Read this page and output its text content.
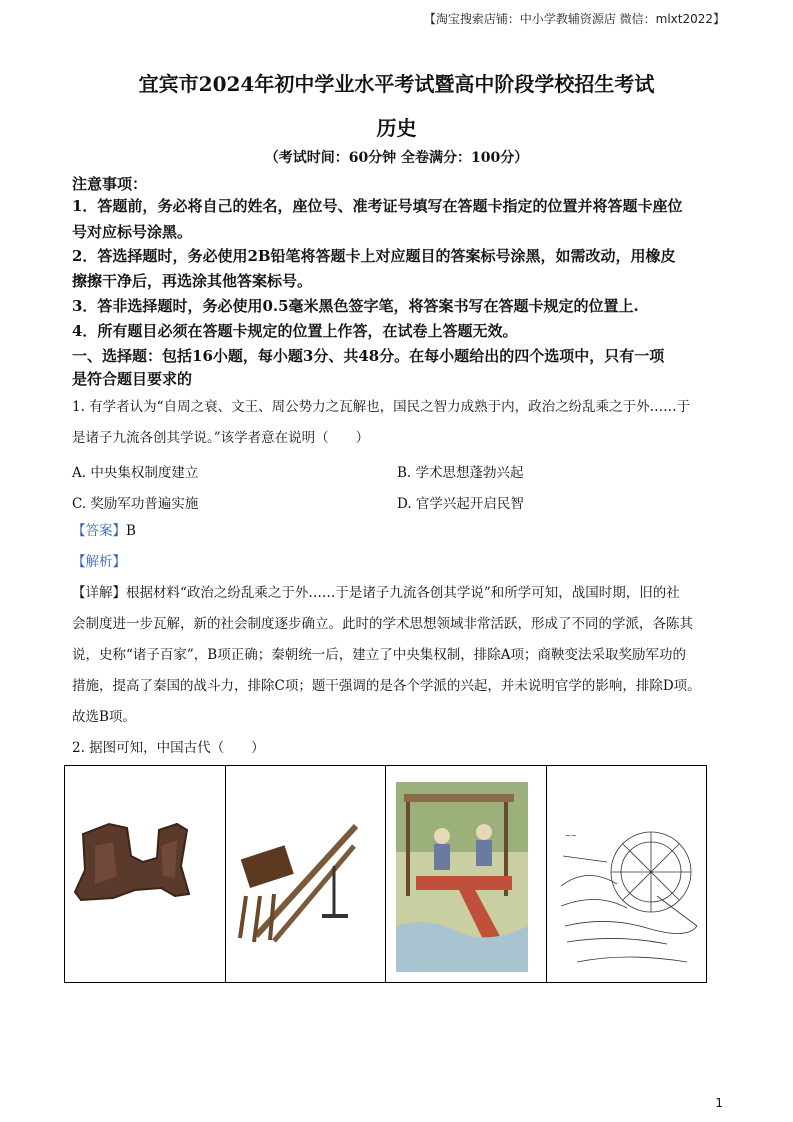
【淘宝搜索店铺：中小学教辅资源店 微信：mlxt2022】
宜宾市2024年初中学业水平考试暨高中阶段学校招生考试
历史
（考试时间：60分钟 全卷满分：100分）
注意事项：
1．答题前，务必将自己的姓名，座位号、准考证号填写在答题卡指定的位置并将答题卡座位
号对应标号涂黑。
2．答选择题时，务必使用2B铅笔将答题卡上对应题目的答案标号涂黑，如需改动，用橡皮
擦擦干净后，再选涂其他答案标号。
3．答非选择题时，务必使用0.5毫米黑色签字笔，将答案书写在答题卡规定的位置上.
4．所有题目必须在答题卡规定的位置上作答，在试卷上答题无效。
一、选择题：包括16小题，每小题3分、共48分。在每小题给出的四个选项中，只有一项
是符合题目要求的
1. 有学者认为“自周之衰、文王、周公势力之瓦解也，国民之智力成熟于内，政治之纷乱乘之于外……于
是诸子九流各创其学说。”该学者意在说明（　　）
A. 中央集权制度建立	B. 学术思想蓬勃兴起
C. 奖励军功普遍实施	D. 官学兴起开启民智
【答案】B
【解析】
【详解】根据材料“政治之纷乱乘之于外……于是诸子九流各创其学说”和所学可知，战国时期，旧的社
会制度进一步瓦解，新的社会制度逐步确立。此时的学术思想领域非常活跃，形成了不同的学派，各陈其
说，史称“诸子百家”，B项正确；秦朝统一后，建立了中央集权制，排除A项；商鞅变法采取奖励军功的
措施，提高了秦国的战斗力，排除C项；题干强调的是各个学派的兴起，并未说明官学的影响，排除D项。
故选B项。
2. 据图可知，中国古代（　　）
~~
1
